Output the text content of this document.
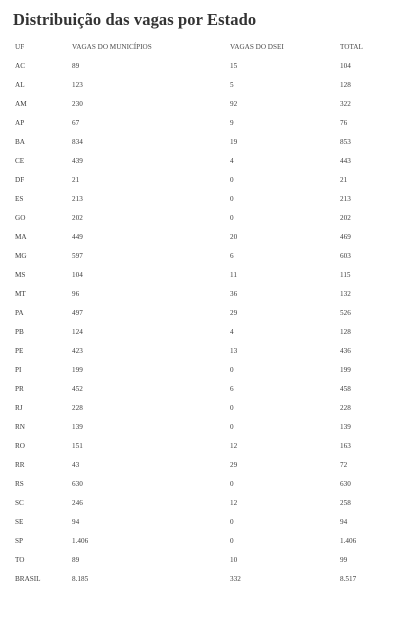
Distribuição das vagas por Estado
UF	VAGAS DO MUNICÍPIOS	VAGAS DO DSEI	TOTAL
AC	89	15	104
AL	123	5	128
AM	230	92	322
AP	67	9	76
BA	834	19	853
CE	439	4	443
DF	21	0	21
ES	213	0	213
GO	202	0	202
MA	449	20	469
MG	597	6	603
MS	104	11	115
MT	96	36	132
PA	497	29	526
PB	124	4	128
PE	423	13	436
PI	199	0	199
PR	452	6	458
RJ	228	0	228
RN	139	0	139
RO	151	12	163
RR	43	29	72
RS	630	0	630
SC	246	12	258
SE	94	0	94
SP	1.406	0	1.406
TO	89	10	99
BRASIL	8.185	332	8.517
